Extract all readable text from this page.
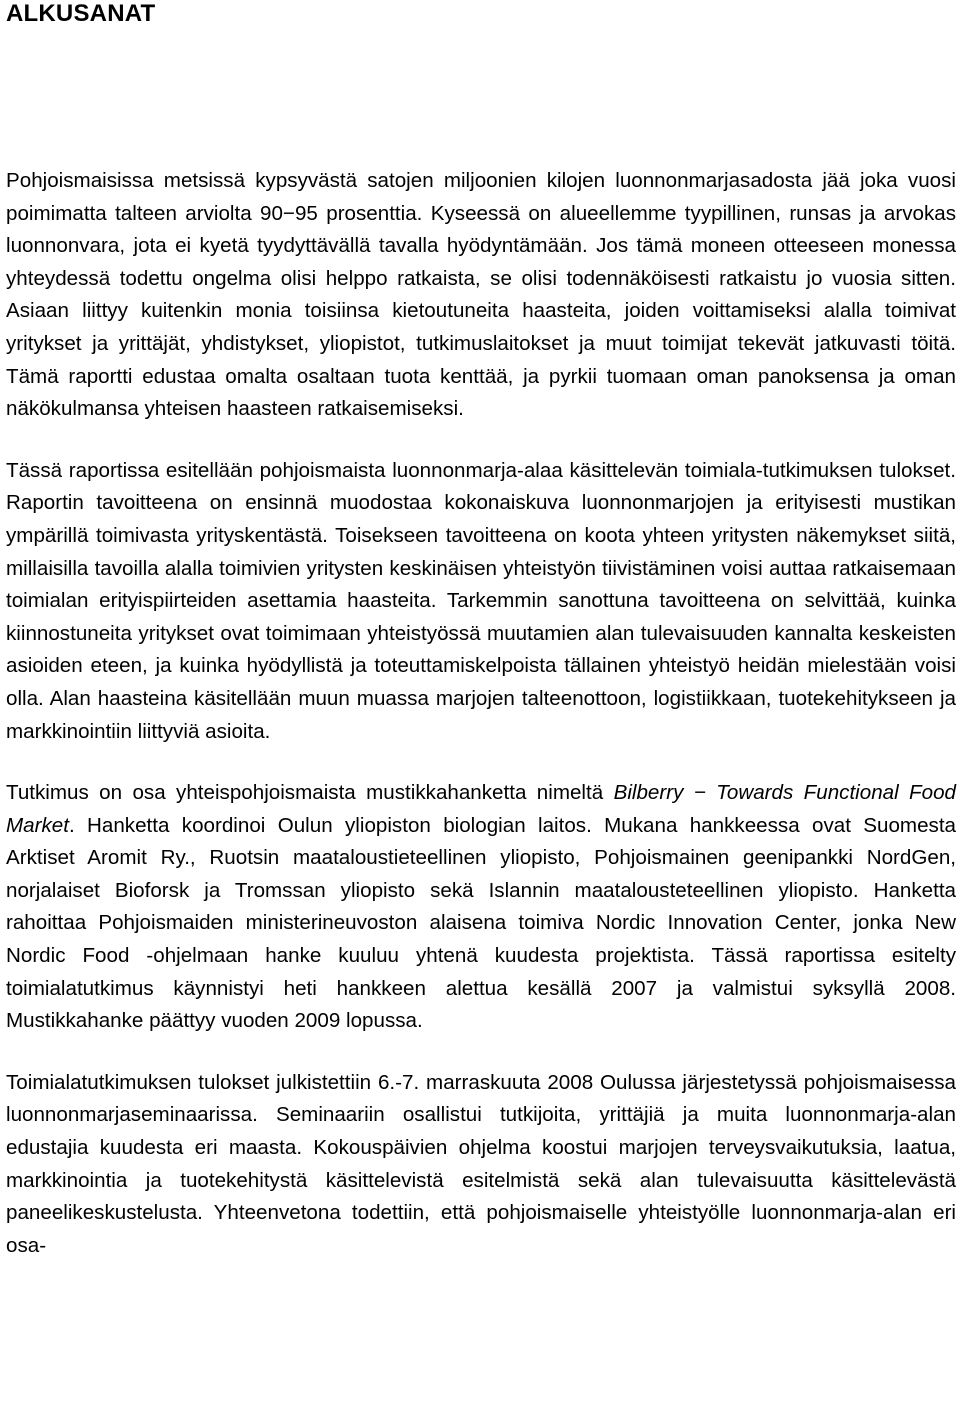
ALKUSANAT

Pohjoismaisissa metsissä kypsyvästä satojen miljoonien kilojen luonnonmarjasadosta jää joka vuosi poimimatta talteen arviolta 90−95 prosenttia. Kyseessä on alueellemme tyypillinen, runsas ja arvokas luonnonvara, jota ei kyetä tyydyttävällä tavalla hyödyntämään. Jos tämä moneen otteeseen monessa yhteydessä todettu ongelma olisi helppo ratkaista, se olisi todennäköisesti ratkaistu jo vuosia sitten. Asiaan liittyy kuitenkin monia toisiinsa kietoutuneita haasteita, joiden voittamiseksi alalla toimivat yritykset ja yrittäjät, yhdistykset, yliopistot, tutkimuslaitokset ja muut toimijat tekevät jatkuvasti töitä. Tämä raportti edustaa omalta osaltaan tuota kenttää, ja pyrkii tuomaan oman panoksensa ja oman näkökulmansa yhteisen haasteen ratkaisemiseksi.

Tässä raportissa esitellään pohjoismaista luonnonmarja-alaa käsittelevän toimiala-tutkimuksen tulokset. Raportin tavoitteena on ensinnä muodostaa kokonaiskuva luonnonmarjojen ja erityisesti mustikan ympärillä toimivasta yrityskentästä. Toisekseen tavoitteena on koota yhteen yritysten näkemykset siitä, millaisilla tavoilla alalla toimivien yritysten keskinäisen yhteistyön tiivistäminen voisi auttaa ratkaisemaan toimialan erityispiirteiden asettamia haasteita. Tarkemmin sanottuna tavoitteena on selvittää, kuinka kiinnostuneita yritykset ovat toimimaan yhteistyössä muutamien alan tulevaisuuden kannalta keskeisten asioiden eteen, ja kuinka hyödyllistä ja toteuttamiskelpoista tällainen yhteistyö heidän mielestään voisi olla. Alan haasteina käsitellään muun muassa marjojen talteenottoon, logistiikkaan, tuotekehitykseen ja markkinointiin liittyviä asioita.

Tutkimus on osa yhteispohjoismaista mustikkahanketta nimeltä Bilberry − Towards Functional Food Market. Hanketta koordinoi Oulun yliopiston biologian laitos. Mukana hankkeessa ovat Suomesta Arktiset Aromit Ry., Ruotsin maataloustieteellinen yliopisto, Pohjoismainen geenipankki NordGen, norjalaiset Bioforsk ja Tromssan yliopisto sekä Islannin maatalousteteellinen yliopisto. Hanketta rahoittaa Pohjoismaiden ministerineuvoston alaisena toimiva Nordic Innovation Center, jonka New Nordic Food -ohjelmaan hanke kuuluu yhtenä kuudesta projektista. Tässä raportissa esitelty toimialatutkimus käynnistyi heti hankkeen alettua kesällä 2007 ja valmistui syksyllä 2008. Mustikkahanke päättyy vuoden 2009 lopussa.

Toimialatutkimuksen tulokset julkistettiin 6.-7. marraskuuta 2008 Oulussa järjestetyssä pohjoismaisessa luonnonmarjaseminaarissa. Seminaariin osallistui tutkijoita, yrittäjiä ja muita luonnonmarja-alan edustajia kuudesta eri maasta. Kokouspäivien ohjelma koostui marjojen terveysvaikutuksia, laatua, markkinointia ja tuotekehitystä käsittelevistä esitelmistä sekä alan tulevaisuutta käsittelevästä paneelikeskustelusta. Yhteenvetona todettiin, että pohjoismaiselle yhteistyölle luonnonmarja-alan eri osa-
